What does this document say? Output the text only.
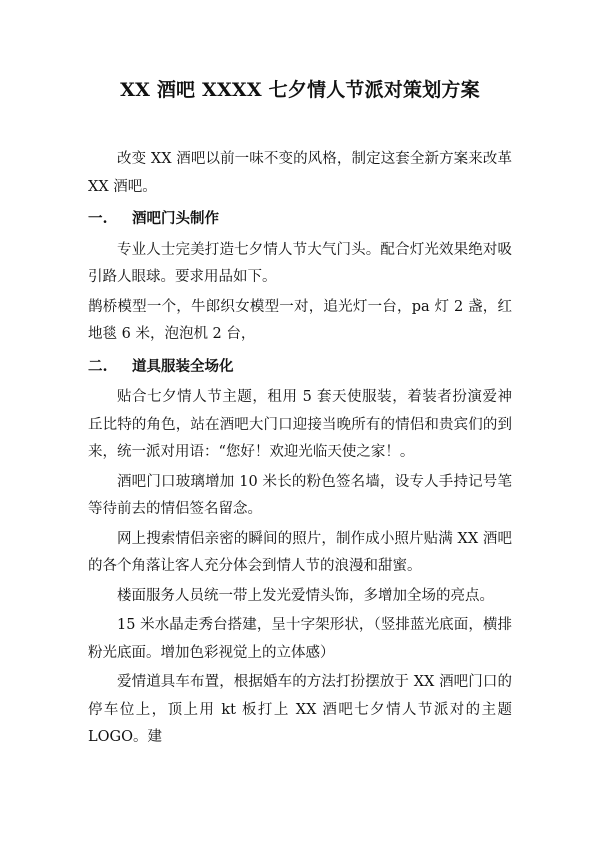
XX 酒吧 XXXX 七夕情人节派对策划方案

改变 XX 酒吧以前一味不变的风格，制定这套全新方案来改革 XX 酒吧。

一.	酒吧门头制作

专业人士完美打造七夕情人节大气门头。配合灯光效果绝对吸引路人眼球。要求用品如下。

鹊桥模型一个，牛郎织女模型一对，追光灯一台，pa 灯 2 盏，红地毯 6 米，泡泡机 2 台，

二.	道具服装全场化

贴合七夕情人节主题，租用 5 套天使服装，着装者扮演爱神丘比特的角色，站在酒吧大门口迎接当晚所有的情侣和贵宾们的到来，统一派对用语：“您好！欢迎光临天使之家！。

酒吧门口玻璃增加 10 米长的粉色签名墙，设专人手持记号笔等待前去的情侣签名留念。

网上搜索情侣亲密的瞬间的照片，制作成小照片贴满 XX 酒吧的各个角落让客人充分体会到情人节的浪漫和甜蜜。

楼面服务人员统一带上发光爱情头饰，多增加全场的亮点。

15 米水晶走秀台搭建，呈十字架形状，（竖排蓝光底面，横排粉光底面。增加色彩视觉上的立体感）

爱情道具车布置，根据婚车的方法打扮摆放于 XX 酒吧门口的停车位上，顶上用 kt 板打上 XX 酒吧七夕情人节派对的主题 LOGO。建
